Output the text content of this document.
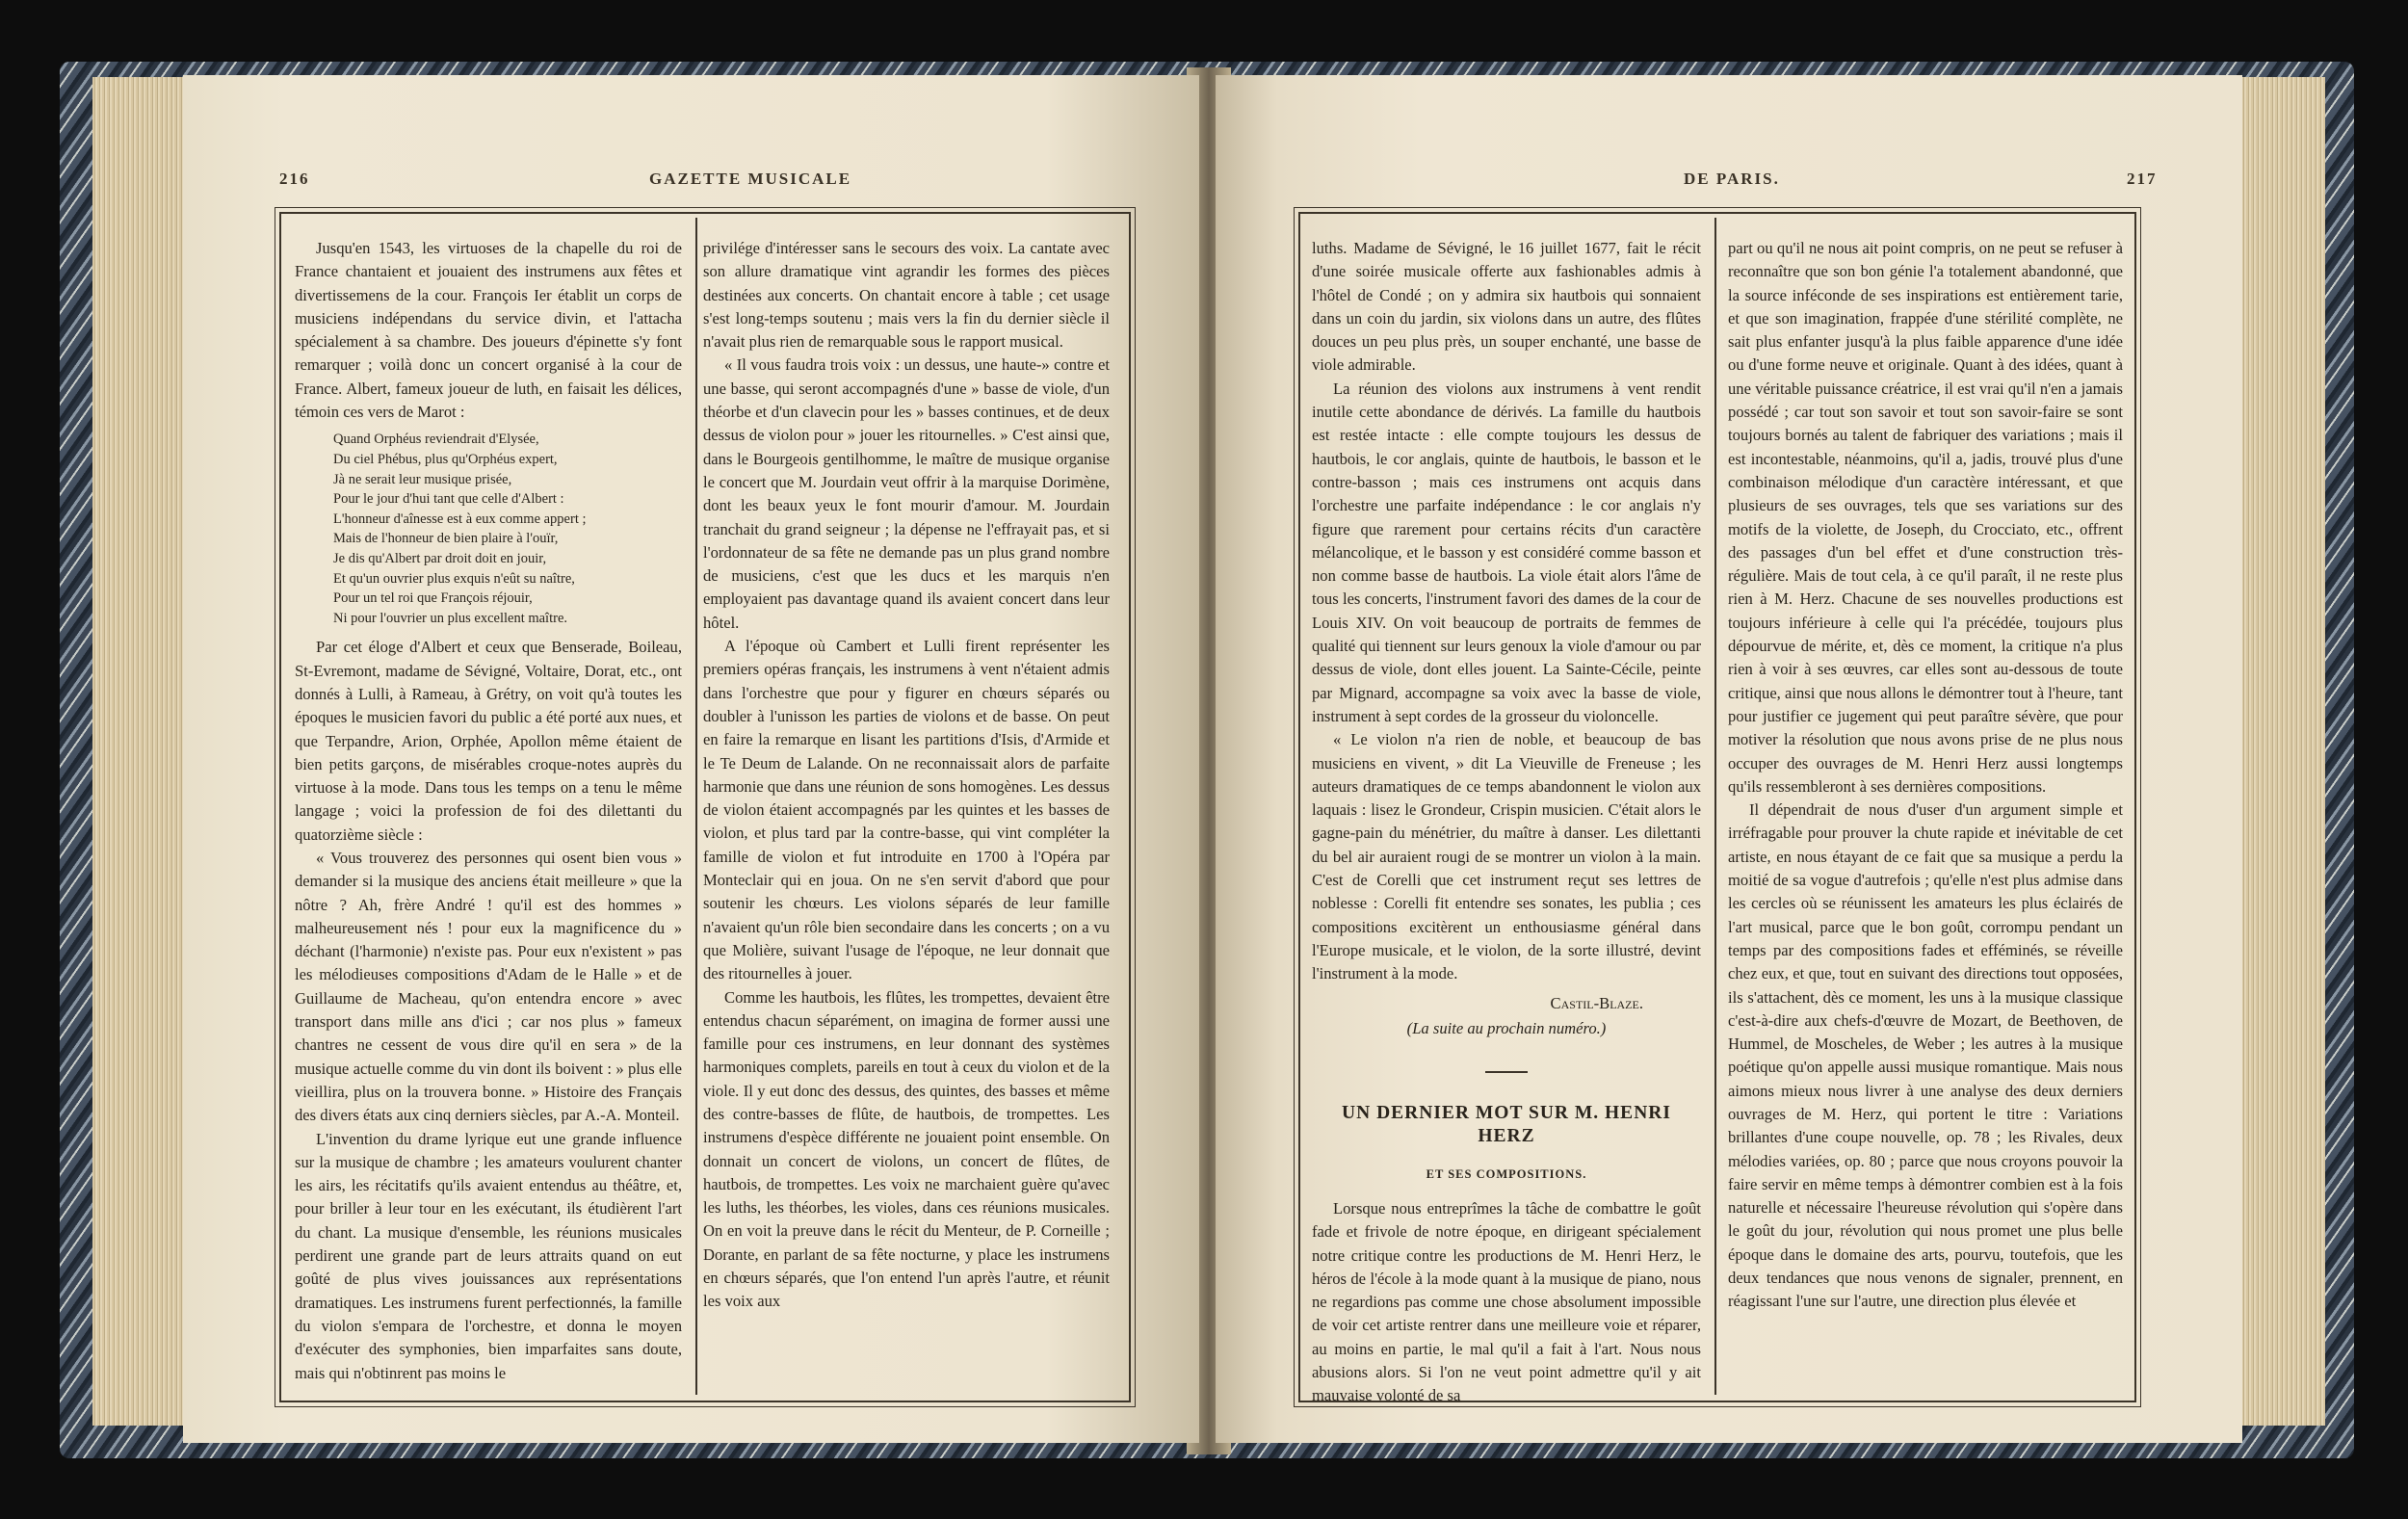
216	GAZETTE MUSICALE

Jusqu'en 1543, les virtuoses de la chapelle du roi de France chantaient et jouaient des instrumens aux fêtes et divertissemens de la cour. François Ier établit un corps de musiciens indépendans du service divin, et l'attacha spécialement à sa chambre. Des joueurs d'épinette s'y font remarquer ; voilà donc un concert organisé à la cour de France. Albert, fameux joueur de luth, en faisait les délices, témoin ces vers de Marot :

Quand Orphéus reviendrait d'Elysée,
Du ciel Phébus, plus qu'Orphéus expert,
Jà ne serait leur musique prisée,
Pour le jour d'hui tant que celle d'Albert :
L'honneur d'aînesse est à eux comme appert ;
Mais de l'honneur de bien plaire à l'ouïr,
Je dis qu'Albert par droit doit en jouir,
Et qu'un ouvrier plus exquis n'eût su naître,
Pour un tel roi que François réjouir,
Ni pour l'ouvrier un plus excellent maître.

Par cet éloge d'Albert et ceux que Benserade, Boileau, St-Evremont, madame de Sévigné, Voltaire, Dorat, etc., ont donnés à Lulli, à Rameau, à Grétry, on voit qu'à toutes les époques le musicien favori du public a été porté aux nues, et que Terpandre, Arion, Orphée, Apollon même étaient de bien petits garçons, de misérables croque-notes auprès du virtuose à la mode. Dans tous les temps on a tenu le même langage ; voici la profession de foi des dilettanti du quatorzième siècle :

« Vous trouverez des personnes qui osent bien vous » demander si la musique des anciens était meilleure » que la nôtre ? Ah, frère André ! qu'il est des hommes » malheureusement nés ! pour eux la magnificence du » déchant (l'harmonie) n'existe pas. Pour eux n'existent » pas les mélodieuses compositions d'Adam de le Halle » et de Guillaume de Macheau, qu'on entendra encore » avec transport dans mille ans d'ici ; car nos plus » fameux chantres ne cessent de vous dire qu'il en sera » de la musique actuelle comme du vin dont ils boivent : » plus elle vieillira, plus on la trouvera bonne. » Histoire des Français des divers états aux cinq derniers siècles, par A.-A. Monteil.

L'invention du drame lyrique eut une grande influence sur la musique de chambre ; les amateurs voulurent chanter les airs, les récitatifs qu'ils avaient entendus au théâtre, et, pour briller à leur tour en les exécutant, ils étudièrent l'art du chant. La musique d'ensemble, les réunions musicales perdirent une grande part de leurs attraits quand on eut goûté de plus vives jouissances aux représentations dramatiques. Les instrumens furent perfectionnés, la famille du violon s'empara de l'orchestre, et donna le moyen d'exécuter des symphonies, bien imparfaites sans doute, mais qui n'obtinrent pas moins le

privilége d'intéresser sans le secours des voix. La cantate avec son allure dramatique vint agrandir les formes des pièces destinées aux concerts. On chantait encore à table ; cet usage s'est long-temps soutenu ; mais vers la fin du dernier siècle il n'avait plus rien de remarquable sous le rapport musical.

« Il vous faudra trois voix : un dessus, une haute-» contre et une basse, qui seront accompagnés d'une » basse de viole, d'un théorbe et d'un clavecin pour les » basses continues, et de deux dessus de violon pour » jouer les ritournelles. » C'est ainsi que, dans le Bourgeois gentilhomme, le maître de musique organise le concert que M. Jourdain veut offrir à la marquise Dorimène, dont les beaux yeux le font mourir d'amour. M. Jourdain tranchait du grand seigneur ; la dépense ne l'effrayait pas, et si l'ordonnateur de sa fête ne demande pas un plus grand nombre de musiciens, c'est que les ducs et les marquis n'en employaient pas davantage quand ils avaient concert dans leur hôtel.

A l'époque où Cambert et Lulli firent représenter les premiers opéras français, les instrumens à vent n'étaient admis dans l'orchestre que pour y figurer en chœurs séparés ou doubler à l'unisson les parties de violons et de basse. On peut en faire la remarque en lisant les partitions d'Isis, d'Armide et le Te Deum de Lalande. On ne reconnaissait alors de parfaite harmonie que dans une réunion de sons homogènes. Les dessus de violon étaient accompagnés par les quintes et les basses de violon, et plus tard par la contre-basse, qui vint compléter la famille de violon et fut introduite en 1700 à l'Opéra par Monteclair qui en joua. On ne s'en servit d'abord que pour soutenir les chœurs. Les violons séparés de leur famille n'avaient qu'un rôle bien secondaire dans les concerts ; on a vu que Molière, suivant l'usage de l'époque, ne leur donnait que des ritournelles à jouer.

Comme les hautbois, les flûtes, les trompettes, devaient être entendus chacun séparément, on imagina de former aussi une famille pour ces instrumens, en leur donnant des systèmes harmoniques complets, pareils en tout à ceux du violon et de la viole. Il y eut donc des dessus, des quintes, des basses et même des contre-basses de flûte, de hautbois, de trompettes. Les instrumens d'espèce différente ne jouaient point ensemble. On donnait un concert de violons, un concert de flûtes, de hautbois, de trompettes. Les voix ne marchaient guère qu'avec les luths, les théorbes, les violes, dans ces réunions musicales. On en voit la preuve dans le récit du Menteur, de P. Corneille ; Dorante, en parlant de sa fête nocturne, y place les instrumens en chœurs séparés, que l'on entend l'un après l'autre, et réunit les voix aux

DE PARIS.	217

luths. Madame de Sévigné, le 16 juillet 1677, fait le récit d'une soirée musicale offerte aux fashionables admis à l'hôtel de Condé ; on y admira six hautbois qui sonnaient dans un coin du jardin, six violons dans un autre, des flûtes douces un peu plus près, un souper enchanté, une basse de viole admirable.

La réunion des violons aux instrumens à vent rendit inutile cette abondance de dérivés. La famille du hautbois est restée intacte : elle compte toujours les dessus de hautbois, le cor anglais, quinte de hautbois, le basson et le contre-basson ; mais ces instrumens ont acquis dans l'orchestre une parfaite indépendance : le cor anglais n'y figure que rarement pour certains récits d'un caractère mélancolique, et le basson y est considéré comme basson et non comme basse de hautbois. La viole était alors l'âme de tous les concerts, l'instrument favori des dames de la cour de Louis XIV. On voit beaucoup de portraits de femmes de qualité qui tiennent sur leurs genoux la viole d'amour ou par dessus de viole, dont elles jouent. La Sainte-Cécile, peinte par Mignard, accompagne sa voix avec la basse de viole, instrument à sept cordes de la grosseur du violoncelle.

« Le violon n'a rien de noble, et beaucoup de bas musiciens en vivent, » dit La Vieuville de Freneuse ; les auteurs dramatiques de ce temps abandonnent le violon aux laquais : lisez le Grondeur, Crispin musicien. C'était alors le gagne-pain du ménétrier, du maître à danser. Les dilettanti du bel air auraient rougi de se montrer un violon à la main. C'est de Corelli que cet instrument reçut ses lettres de noblesse : Corelli fit entendre ses sonates, les publia ; ces compositions excitèrent un enthousiasme général dans l'Europe musicale, et le violon, de la sorte illustré, devint l'instrument à la mode.

Castil-Blaze.
(La suite au prochain numéro.)
UN DERNIER MOT SUR M. HENRI HERZ
ET SES COMPOSITIONS.

Lorsque nous entreprîmes la tâche de combattre le goût fade et frivole de notre époque, en dirigeant spécialement notre critique contre les productions de M. Henri Herz, le héros de l'école à la mode quant à la musique de piano, nous ne regardions pas comme une chose absolument impossible de voir cet artiste rentrer dans une meilleure voie et réparer, au moins en partie, le mal qu'il a fait à l'art. Nous nous abusions alors. Si l'on ne veut point admettre qu'il y ait mauvaise volonté de sa

part ou qu'il ne nous ait point compris, on ne peut se refuser à reconnaître que son bon génie l'a totalement abandonné, que la source inféconde de ses inspirations est entièrement tarie, et que son imagination, frappée d'une stérilité complète, ne sait plus enfanter jusqu'à la plus faible apparence d'une idée ou d'une forme neuve et originale. Quant à des idées, quant à une véritable puissance créatrice, il est vrai qu'il n'en a jamais possédé ; car tout son savoir et tout son savoir-faire se sont toujours bornés au talent de fabriquer des variations ; mais il est incontestable, néanmoins, qu'il a, jadis, trouvé plus d'une combinaison mélodique d'un caractère intéressant, et que plusieurs de ses ouvrages, tels que ses variations sur des motifs de la violette, de Joseph, du Crocciato, etc., offrent des passages d'un bel effet et d'une construction très-régulière. Mais de tout cela, à ce qu'il paraît, il ne reste plus rien à M. Herz. Chacune de ses nouvelles productions est toujours inférieure à celle qui l'a précédée, toujours plus dépourvue de mérite, et, dès ce moment, la critique n'a plus rien à voir à ses œuvres, car elles sont au-dessous de toute critique, ainsi que nous allons le démontrer tout à l'heure, tant pour justifier ce jugement qui peut paraître sévère, que pour motiver la résolution que nous avons prise de ne plus nous occuper des ouvrages de M. Henri Herz aussi longtemps qu'ils ressembleront à ses dernières compositions.

Il dépendrait de nous d'user d'un argument simple et irréfragable pour prouver la chute rapide et inévitable de cet artiste, en nous étayant de ce fait que sa musique a perdu la moitié de sa vogue d'autrefois ; qu'elle n'est plus admise dans les cercles où se réunissent les amateurs les plus éclairés de l'art musical, parce que le bon goût, corrompu pendant un temps par des compositions fades et efféminés, se réveille chez eux, et que, tout en suivant des directions tout opposées, ils s'attachent, dès ce moment, les uns à la musique classique c'est-à-dire aux chefs-d'œuvre de Mozart, de Beethoven, de Hummel, de Moscheles, de Weber ; les autres à la musique poétique qu'on appelle aussi musique romantique. Mais nous aimons mieux nous livrer à une analyse des deux derniers ouvrages de M. Herz, qui portent le titre : Variations brillantes d'une coupe nouvelle, op. 78 ; les Rivales, deux mélodies variées, op. 80 ; parce que nous croyons pouvoir la faire servir en même temps à démontrer combien est à la fois naturelle et nécessaire l'heureuse révolution qui s'opère dans le goût du jour, révolution qui nous promet une plus belle époque dans le domaine des arts, pourvu, toutefois, que les deux tendances que nous venons de signaler, prennent, en réagissant l'une sur l'autre, une direction plus élevée et
